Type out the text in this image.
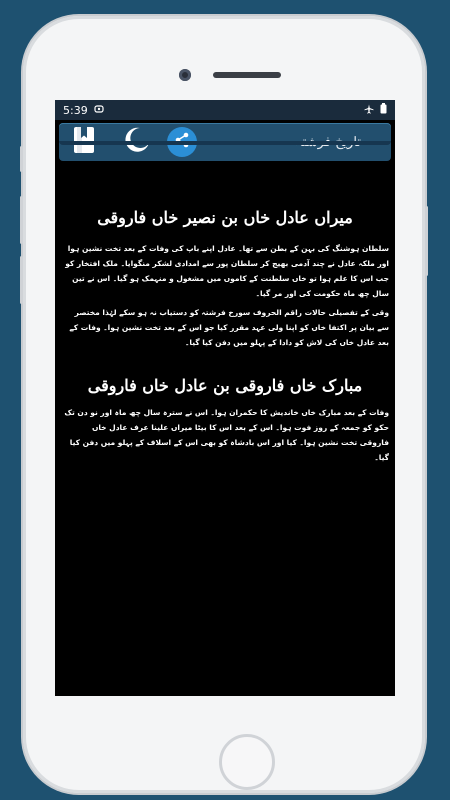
5:39
میراں عادل خاں بن نصیر خاں فاروقی

سلطان ہوشنگ کی بہن کے بطن سے تھا۔ عادل اپنے باپ کی وفات کے بعد تخت نشین ہوا اور ملکہ عادل نے چند آدمی بھیج کر سلطان پور سے امدادی لشکر منگوایا۔ ملک افتخار کو جب اس کا علم ہوا تو خاں سلطنت کے کاموں میں مشغول و منہمک ہو گیا۔ اس نے تین سال چھ ماہ حکومت کی اور مر گیا۔

وقی کے تفصیلی حالات راقم الحروف سورخ فرشتہ کو دستیاب نہ ہو سکے لہٰذا مختصر سے بیان پر اکتفا خاں کو اپنا ولی عہد مقرر کیا جو اس کے بعد تخت نشین ہوا۔ وفات کے بعد عادل خاں کی لاش کو دادا کے پہلو میں دفن کیا گیا۔

مبارک خاں فاروقی بن عادل خاں فاروقی

وفات کے بعد مبارک خاں خاندیش کا حکمران ہوا۔ اس نے سترہ سال چھ ماہ اور نو دن تک حکو کو جمعہ کے روز فوت ہوا۔ اس کے بعد اس کا بیٹا میراں علینا عرف عادل خاں فاروقی تخت نشین ہوا۔ کیا اور اس بادشاہ کو بھی اس کے اسلاف کے پہلو میں دفن کیا گیا۔
